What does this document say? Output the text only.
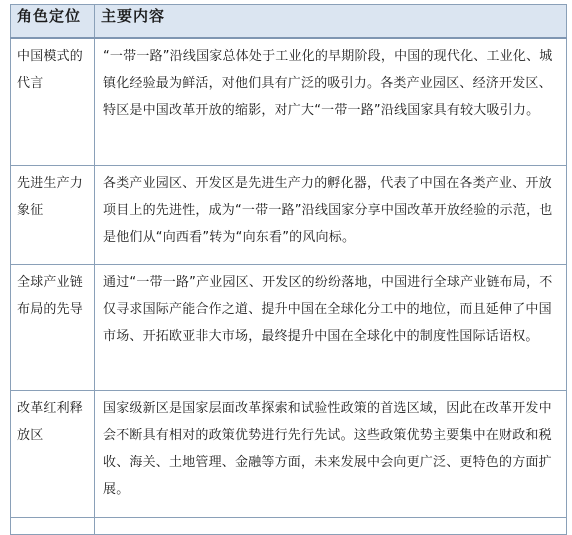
角色定位	主要内容
中国模式的代言	“一带一路”沿线国家总体处于工业化的早期阶段，中国的现代化、工业化、城镇化经验最为鲜活，对他们具有广泛的吸引力。各类产业园区、经济开发区、特区是中国改革开放的缩影，对广大“一带一路”沿线国家具有较大吸引力。
先进生产力象征	各类产业园区、开发区是先进生产力的孵化器，代表了中国在各类产业、开放项目上的先进性，成为“一带一路”沿线国家分享中国改革开放经验的示范，也是他们从“向西看”转为“向东看”的风向标。
全球产业链布局的先导	通过“一带一路”产业园区、开发区的纷纷落地，中国进行全球产业链布局，不仅寻求国际产能合作之道、提升中国在全球化分工中的地位，而且延伸了中国市场、开拓欧亚非大市场，最终提升中国在全球化中的制度性国际话语权。
改革红利释放区	国家级新区是国家层面改革探索和试验性政策的首选区域，因此在改革开发中会不断具有相对的政策优势进行先行先试。这些政策优势主要集中在财政和税收、海关、土地管理、金融等方面，未来发展中会向更广泛、更特色的方面扩展。
